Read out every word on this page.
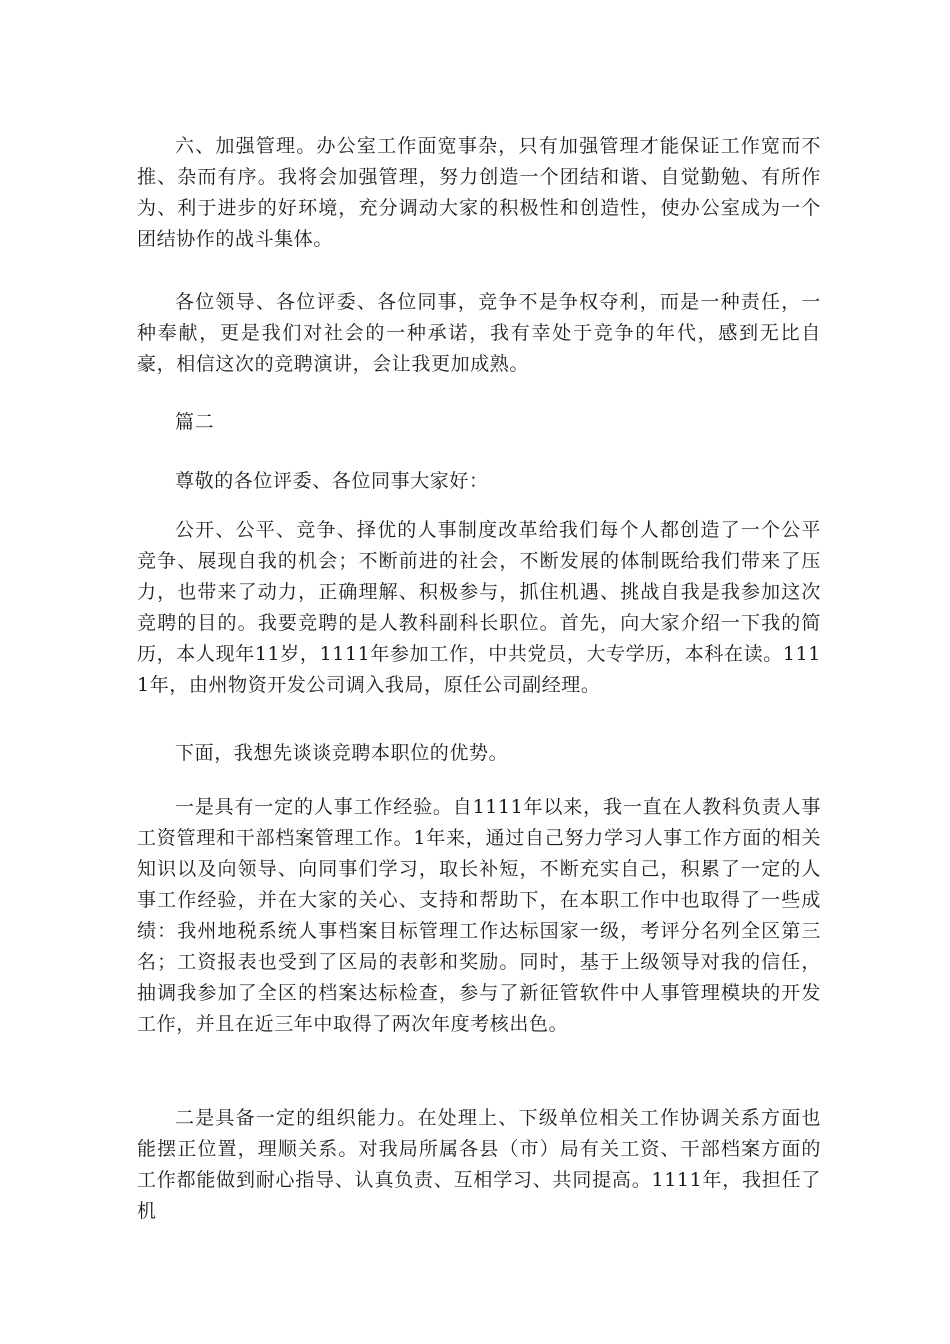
六、加强管理。办公室工作面宽事杂，只有加强管理才能保证工作宽而不推、杂而有序。我将会加强管理，努力创造一个团结和谐、自觉勤勉、有所作为、利于进步的好环境，充分调动大家的积极性和创造性，使办公室成为一个团结协作的战斗集体。

各位领导、各位评委、各位同事，竞争不是争权夺利，而是一种责任，一种奉献，更是我们对社会的一种承诺，我有幸处于竞争的年代，感到无比自豪，相信这次的竞聘演讲，会让我更加成熟。

篇二

尊敬的各位评委、各位同事大家好：

公开、公平、竞争、择优的人事制度改革给我们每个人都创造了一个公平竞争、展现自我的机会；不断前进的社会，不断发展的体制既给我们带来了压力，也带来了动力，正确理解、积极参与，抓住机遇、挑战自我是我参加这次竞聘的目的。我要竞聘的是人教科副科长职位。首先，向大家介绍一下我的简历，本人现年11岁，1111年参加工作，中共党员，大专学历，本科在读。1111年，由州物资开发公司调入我局，原任公司副经理。

下面，我想先谈谈竞聘本职位的优势。

一是具有一定的人事工作经验。自1111年以来，我一直在人教科负责人事工资管理和干部档案管理工作。1年来，通过自己努力学习人事工作方面的相关知识以及向领导、向同事们学习，取长补短，不断充实自己，积累了一定的人事工作经验，并在大家的关心、支持和帮助下，在本职工作中也取得了一些成绩：我州地税系统人事档案目标管理工作达标国家一级，考评分名列全区第三名；工资报表也受到了区局的表彰和奖励。同时，基于上级领导对我的信任，抽调我参加了全区的档案达标检查，参与了新征管软件中人事管理模块的开发工作，并且在近三年中取得了两次年度考核出色。

二是具备一定的组织能力。在处理上、下级单位相关工作协调关系方面也能摆正位置，理顺关系。对我局所属各县（市）局有关工资、干部档案方面的工作都能做到耐心指导、认真负责、互相学习、共同提高。1111年，我担任了机
